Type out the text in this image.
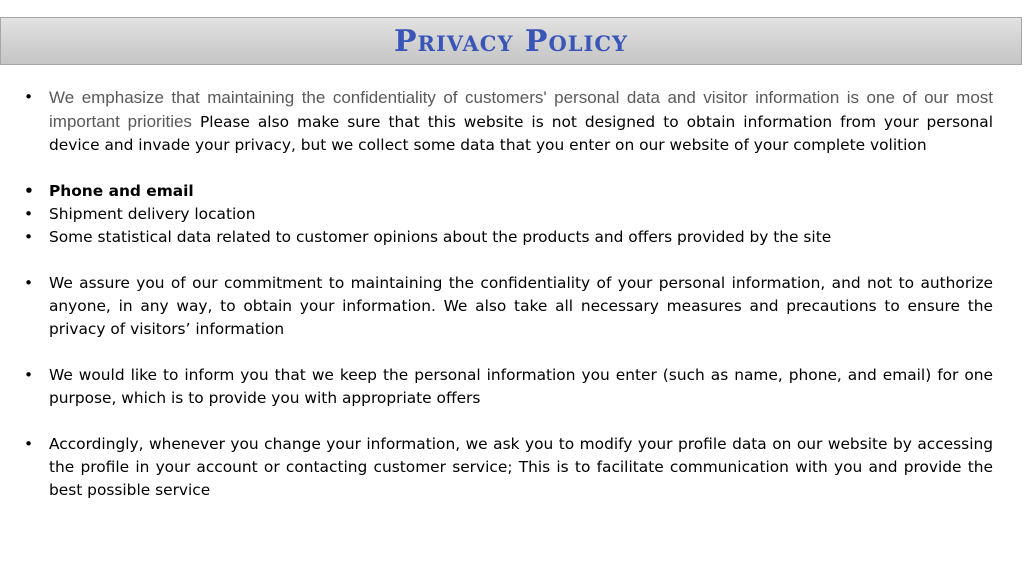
Privacy Policy
• We emphasize that maintaining the confidentiality of customers' personal data and visitor information is one of our most important priorities Please also make sure that this website is not designed to obtain information from your personal device and invade your privacy, but we collect some data that you enter on our website of your complete volition
• Phone and email
• Shipment delivery location
• Some statistical data related to customer opinions about the products and offers provided by the site
• We assure you of our commitment to maintaining the confidentiality of your personal information, and not to authorize anyone, in any way, to obtain your information. We also take all necessary measures and precautions to ensure the privacy of visitors’ information
• We would like to inform you that we keep the personal information you enter (such as name, phone, and email) for one purpose, which is to provide you with appropriate offers
• Accordingly, whenever you change your information, we ask you to modify your profile data on our website by accessing the profile in your account or contacting customer service; This is to facilitate communication with you and provide the best possible service
